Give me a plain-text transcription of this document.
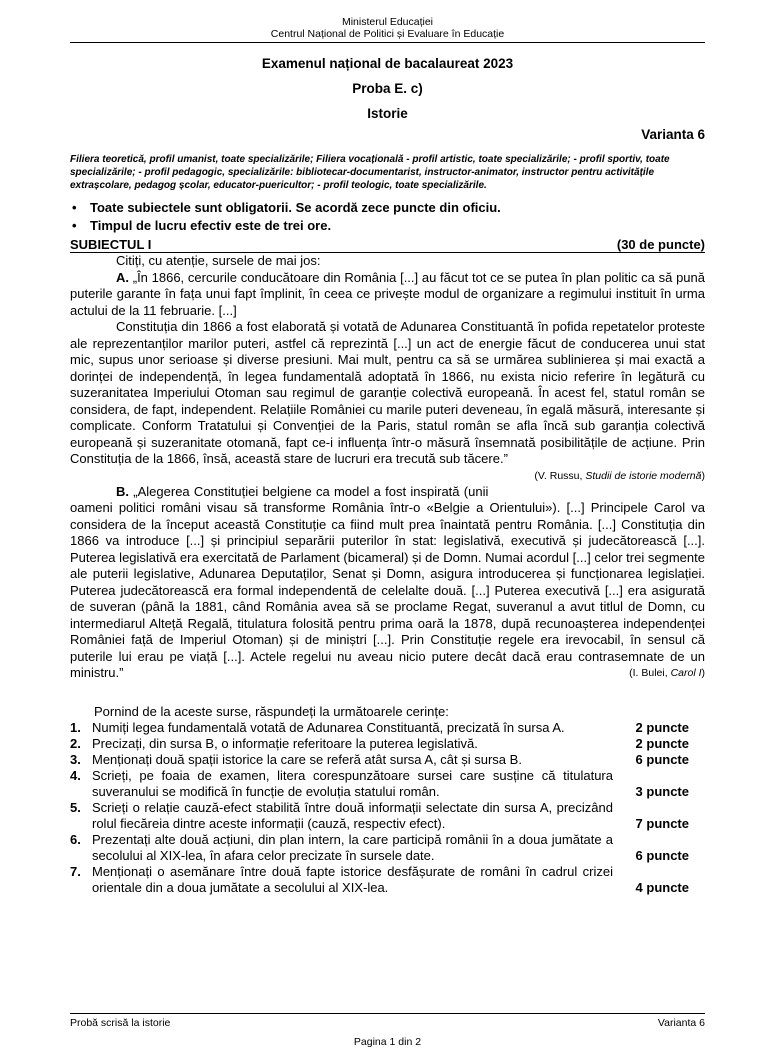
Ministerul Educației
Centrul Național de Politici și Evaluare în Educație
Examenul național de bacalaureat 2023
Proba E. c)
Istorie
Varianta 6
Filiera teoretică, profil umanist, toate specializările; Filiera vocațională - profil artistic, toate specializările; - profil sportiv, toate specializările; - profil pedagogic, specializările: bibliotecar-documentarist, instructor-animator, instructor pentru activitățile extrașcolare, pedagog școlar, educator-puericultor; - profil teologic, toate specializările.
• Toate subiectele sunt obligatorii. Se acordă zece puncte din oficiu.
• Timpul de lucru efectiv este de trei ore.
SUBIECTUL I	(30 de puncte)

Citiți, cu atenție, sursele de mai jos:

A. „În 1866, cercurile conducătoare din România [...] au făcut tot ce se putea în plan politic ca să pună puterile garante în fața unui fapt împlinit, în ceea ce privește modul de organizare a regimului instituit în urma actului de la 11 februarie. [...]

Constituția din 1866 a fost elaborată și votată de Adunarea Constituantă în pofida repetatelor proteste ale reprezentanților marilor puteri, astfel că reprezintă [...] un act de energie făcut de conducerea unui stat mic, supus unor serioase și diverse presiuni. Mai mult, pentru ca să se urmărea sublinierea și mai exactă a dorinței de independență, în legea fundamentală adoptată în 1866, nu exista nicio referire în legătură cu suzeranitatea Imperiului Otoman sau regimul de garanție colectivă europeană. În acest fel, statul român se considera, de fapt, independent. Relațiile României cu marile puteri deveneau, în egală măsură, interesante și complicate. Conform Tratatului și Convenției de la Paris, statul român se afla încă sub garanția colectivă europeană și suzeranitate otomană, fapt ce-i influența într-o măsură însemnată posibilitățile de acțiune. Prin Constituția de la 1866, însă, această stare de lucruri era trecută sub tăcere.”
(V. Russu, Studii de istorie modernă)

B. „Alegerea Constituției belgiene ca model a fost inspirată (unii oameni politici români visau să transforme România într-o «Belgie a Orientului»). [...] Principele Carol va considera de la început această Constituție ca fiind mult prea înaintată pentru România. [...] Constituția din 1866 va introduce [...] și principiul separării puterilor în stat: legislativă, executivă și judecătorească [...]. Puterea legislativă era exercitată de Parlament (bicameral) și de Domn. Numai acordul [...] celor trei segmente ale puterii legislative, Adunarea Deputaților, Senat și Domn, asigura introducerea și funcționarea legislației. Puterea judecătorească era formal independentă de celelalte două. [...] Puterea executivă [...] era asigurată de suveran (până la 1881, când România avea să se proclame Regat, suveranul a avut titlul de Domn, cu intermediarul Alteță Regală, titulatura folosită pentru prima oară la 1878, după recunoașterea independenței României față de Imperiul Otoman) și de miniștri [...]. Prin Constituție regele era irevocabil, în sensul că puterile lui erau pe viață [...]. Actele regelui nu aveau nicio putere decât dacă erau contrasemnate de un ministru.”	(I. Bulei, Carol I)

Pornind de la aceste surse, răspundeți la următoarele cerințe:
1. Numiți legea fundamentală votată de Adunarea Constituantă, precizată în sursa A.	2 puncte
2. Precizați, din sursa B, o informație referitoare la puterea legislativă.	2 puncte
3. Menționați două spații istorice la care se referă atât sursa A, cât și sursa B.	6 puncte
4. Scrieți, pe foaia de examen, litera corespunzătoare sursei care susține că titulatura suveranului se modifică în funcție de evoluția statului român.	3 puncte
5. Scrieți o relație cauză-efect stabilită între două informații selectate din sursa A, precizând rolul fiecăreia dintre aceste informații (cauză, respectiv efect).	7 puncte
6. Prezentați alte două acțiuni, din plan intern, la care participă românii în a doua jumătate a secolului al XIX-lea, în afara celor precizate în sursele date.	6 puncte
7. Menționați o asemănare între două fapte istorice desfășurate de români în cadrul crizei orientale din a doua jumătate a secolului al XIX-lea.	4 puncte
Probă scrisă la istorie	Varianta 6
Pagina 1 din 2
